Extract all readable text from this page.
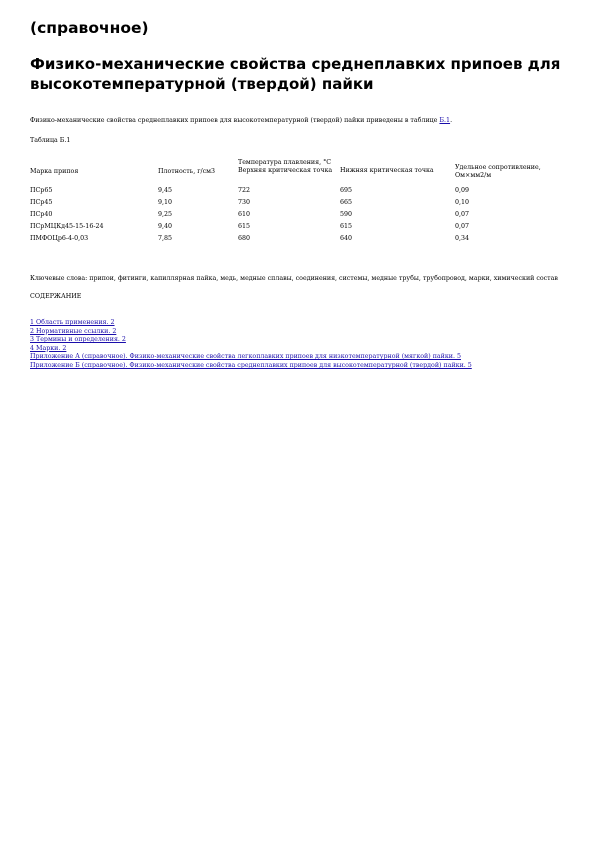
(справочное)
Физико-механические свойства среднеплавких припоев для высокотемпературной (твердой) пайки
Физико-механические свойства среднеплавких припоев для высокотемпературной (твердой) пайки приведены в таблице Б.1.
Таблица Б.1
Марка припоя	Плотность, г/см3	Температура плавления, °С		Удельное сопротивление, Ом×мм2/м
		Верхняя критическая точка	Нижняя критическая точка	
ПСр65	9,45	722	695	0,09
ПСр45	9,10	730	665	0,10
ПСр40	9,25	610	590	0,07
ПСрМЦКд45-15-16-24	9,40	615	615	0,07
ПМФОЦр6-4-0,03	7,85	680	640	0,34
Ключевые слова: припои, фитинги, капиллярная пайка, медь, медные сплавы, соединения, системы, медные трубы, трубопровод, марки, химический состав
СОДЕРЖАНИЕ
1 Область применения. 2
2 Нормативные ссылки. 2
3 Термины и определения. 2
4 Марки. 2
Приложение А (справочное). Физико-механические свойства легкоплавких припоев для низкотемпературной (мягкой) пайки. 5
Приложение Б (справочное). Физико-механические свойства среднеплавких припоев для высокотемпературной (твердой) пайки. 5
